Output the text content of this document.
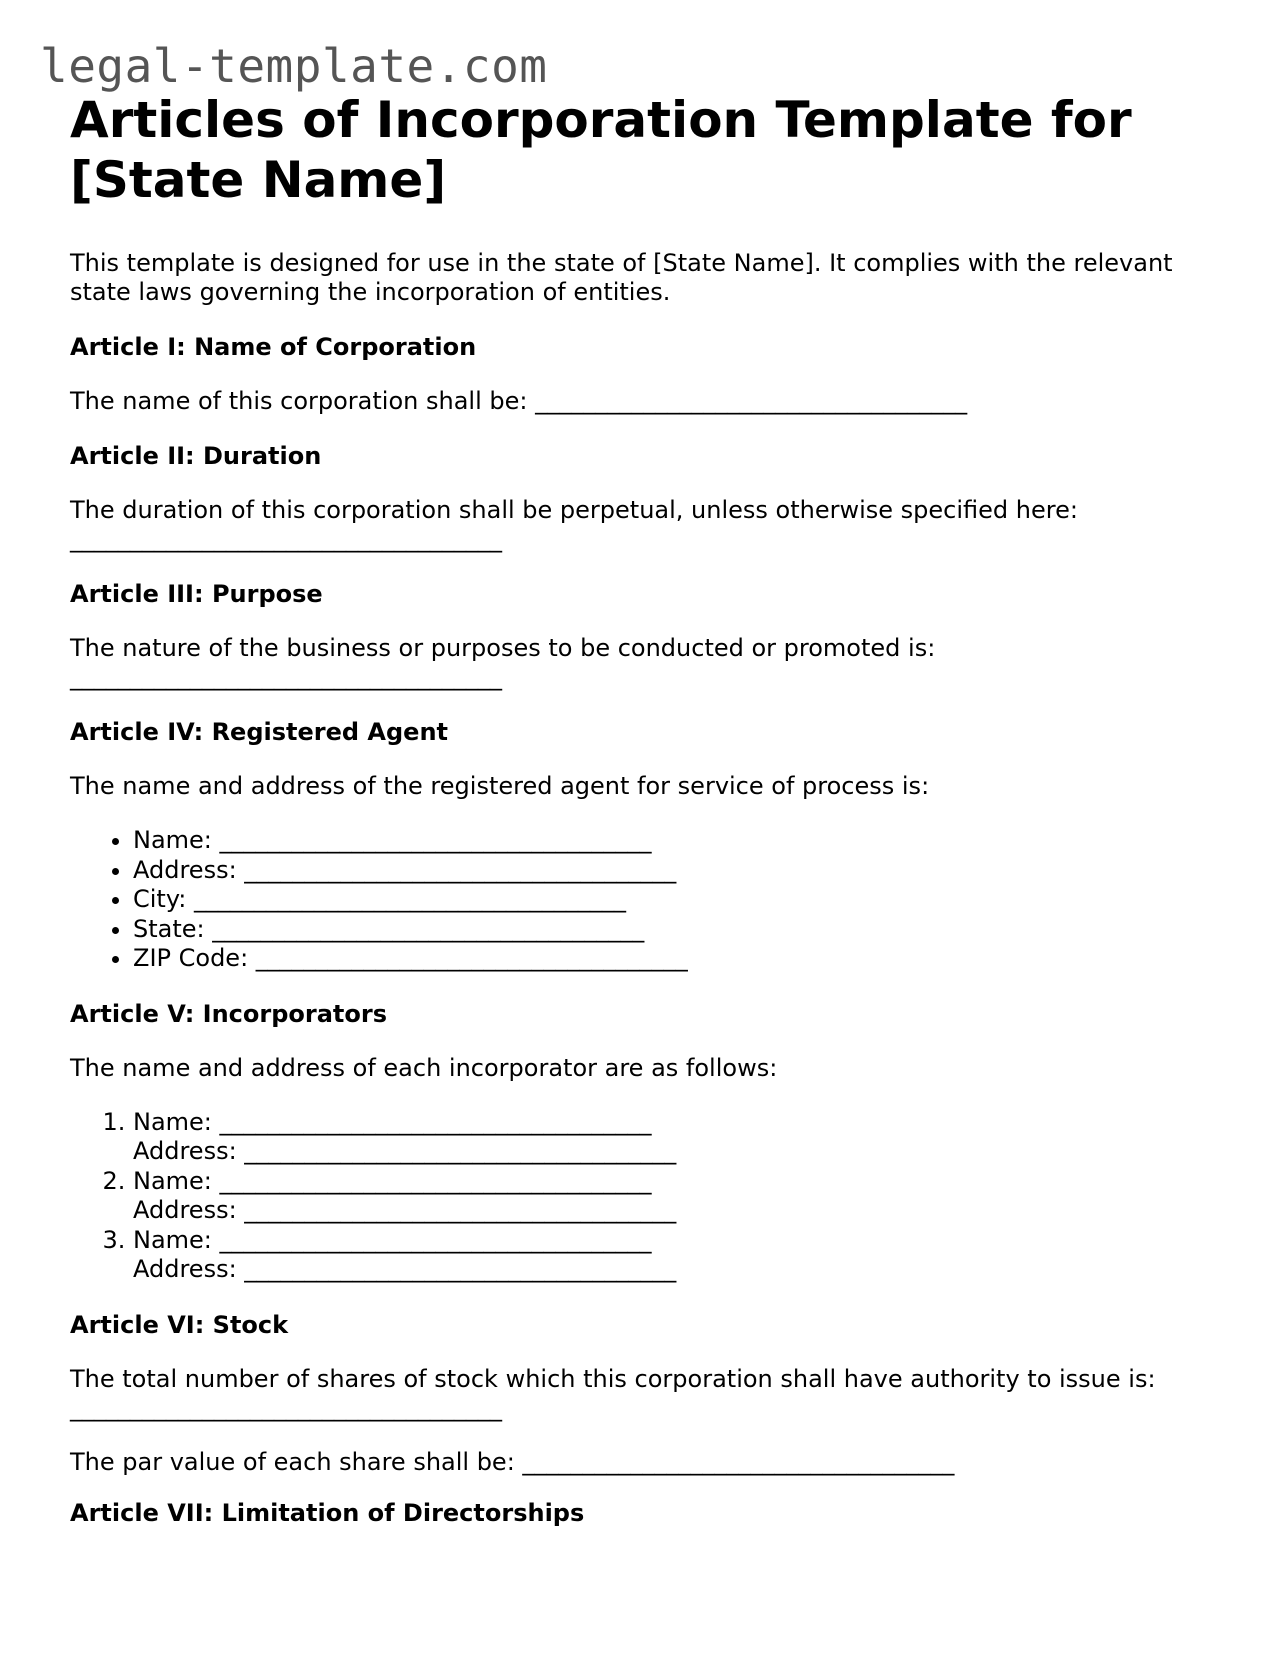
legal-template.com
Articles of Incorporation Template for [State Name]

This template is designed for use in the state of [State Name]. It complies with the relevant state laws governing the incorporation of entities.

Article I: Name of Corporation

The name of this corporation shall be: ____________________________________

Article II: Duration

The duration of this corporation shall be perpetual, unless otherwise specified here: ____________________________________

Article III: Purpose

The nature of the business or purposes to be conducted or promoted is: ____________________________________

Article IV: Registered Agent

The name and address of the registered agent for service of process is:

• Name: ____________________________________
• Address: ____________________________________
• City: ____________________________________
• State: ____________________________________
• ZIP Code: ____________________________________
Article V: Incorporators

The name and address of each incorporator are as follows:

1. Name: ____________________________________
Address: ____________________________________
2. Name: ____________________________________
Address: ____________________________________
3. Name: ____________________________________
Address: ____________________________________
Article VI: Stock

The total number of shares of stock which this corporation shall have authority to issue is: ____________________________________

The par value of each share shall be: ____________________________________

Article VII: Limitation of Directorships
